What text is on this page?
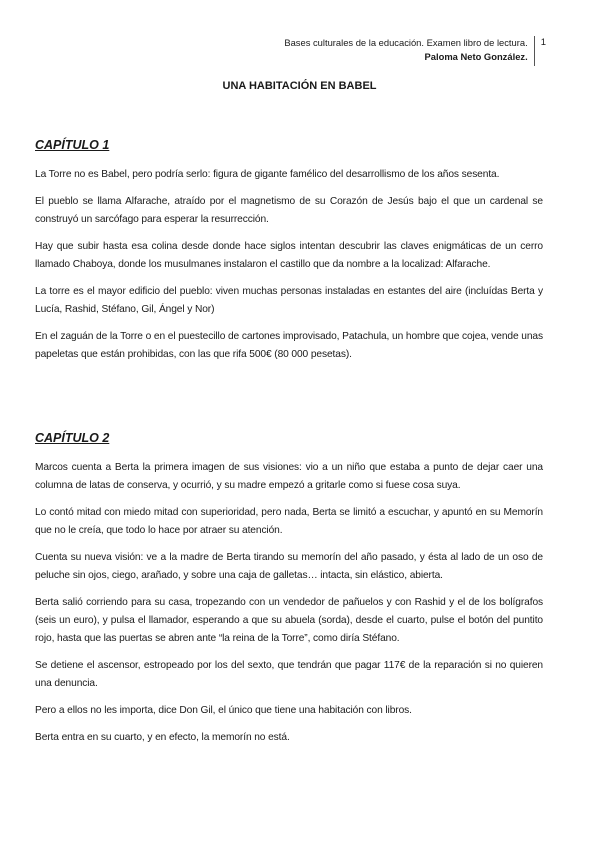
Bases culturales de la educación. Examen libro de lectura.
Paloma Neto González.
1
UNA HABITACIÓN EN BABEL
CAPÍTULO 1

La Torre no es Babel, pero podría serlo: figura de gigante famélico del desarrollismo de los años sesenta.

El pueblo se llama Alfarache, atraído por el magnetismo de su Corazón de Jesús bajo el que un cardenal se construyó un sarcófago para esperar la resurrección.

Hay que subir hasta esa colina desde donde hace siglos intentan descubrir las claves enigmáticas de un cerro llamado Chaboya, donde los musulmanes instalaron el castillo que da nombre a la localizad: Alfarache.

La torre es el mayor edificio del pueblo: viven muchas personas instaladas en estantes del aire (incluídas Berta y Lucía, Rashid, Stéfano, Gil, Ángel y Nor)

En el zaguán de la Torre o en el puestecillo de cartones improvisado, Patachula, un hombre que cojea, vende unas papeletas que están prohibidas, con las que rifa 500€ (80 000 pesetas).

CAPÍTULO 2

Marcos cuenta a Berta la primera imagen de sus visiones: vio a un niño que estaba a punto de dejar caer una columna de latas de conserva, y ocurrió, y su madre empezó a gritarle como si fuese cosa suya.

Lo contó mitad con miedo mitad con superioridad, pero nada, Berta se limitó a escuchar, y apuntó en su Memorín que no le creía, que todo lo hace por atraer su atención.

Cuenta su nueva visión: ve a la madre de Berta tirando su memorín del año pasado, y ésta al lado de un oso de peluche sin ojos, ciego, arañado, y sobre una caja de galletas… intacta, sin elástico, abierta.

Berta salió corriendo para su casa, tropezando con un vendedor de pañuelos y con Rashid y el de los bolígrafos (seis un euro), y pulsa el llamador, esperando a que su abuela (sorda), desde el cuarto, pulse el botón del puntito rojo, hasta que las puertas se abren ante “la reina de la Torre”, como diría Stéfano.

Se detiene el ascensor, estropeado por los del sexto, que tendrán que pagar 117€ de la reparación si no quieren una denuncia.

Pero a ellos no les importa, dice Don Gil, el único que tiene una habitación con libros.

Berta entra en su cuarto, y en efecto, la memorín no está.
